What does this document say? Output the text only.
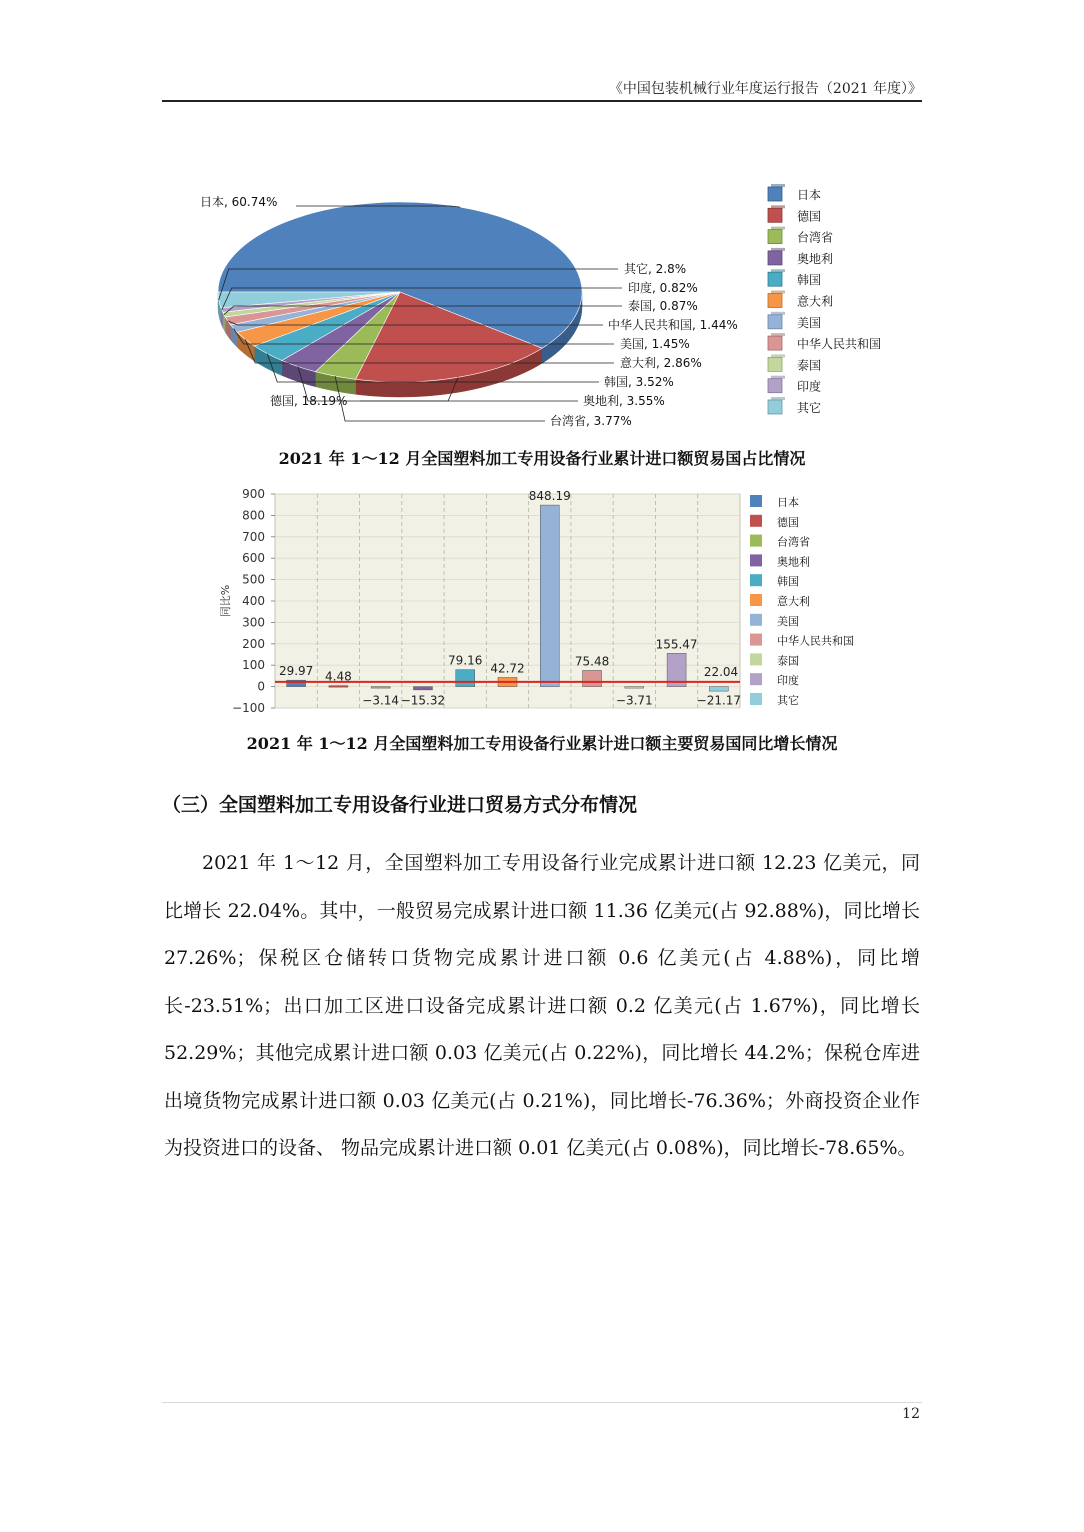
《中国包装机械行业年度运行报告（2021 年度）》
日本, 60.74%
德国, 18.19%
台湾省, 3.77%
奥地利, 3.55%
韩国, 3.52%
意大利, 2.86%
美国, 1.45%
中华人民共和国, 1.44%
泰国, 0.87%
印度, 0.82%
其它, 2.8%
日本
德国
台湾省
奥地利
韩国
意大利
美国
中华人民共和国
泰国
印度
其它
900
800
700
600
500
400
300
200
100
0
−100
同比%
29.97 4.48
−3.14 −15.32
79.16
42.72
848.19
75.48
−3.71
155.47
−21.17
22.04
日本
德国
台湾省
奥地利
韩国
意大利
美国
中华人民共和国
泰国
印度
其它
2021 年 1～12 月全国塑料加工专用设备行业累计进口额贸易国占比情况
2021 年 1～12 月全国塑料加工专用设备行业累计进口额主要贸易国同比增长情况
（三）全国塑料加工专用设备行业进口贸易方式分布情况
2021 年 1～12 月，全国塑料加工专用设备行业完成累计进口额 12.23 亿美元，同比增长 22.04%。其中，一般贸易完成累计进口额 11.36 亿美元(占 92.88%)，同比增长 27.26%；保税区仓储转口货物完成累计进口额 0.6 亿美元(占 4.88%)，同比增长-23.51%；出口加工区进口设备完成累计进口额 0.2 亿美元(占 1.67%)，同比增长 52.29%；其他完成累计进口额 0.03 亿美元(占 0.22%)，同比增长 44.2%；保税仓库进出境货物完成累计进口额 0.03 亿美元(占 0.21%)，同比增长-76.36%；外商投资企业作为投资进口的设备、 物品完成累计进口额 0.01 亿美元(占 0.08%)，同比增长-78.65%。
12
